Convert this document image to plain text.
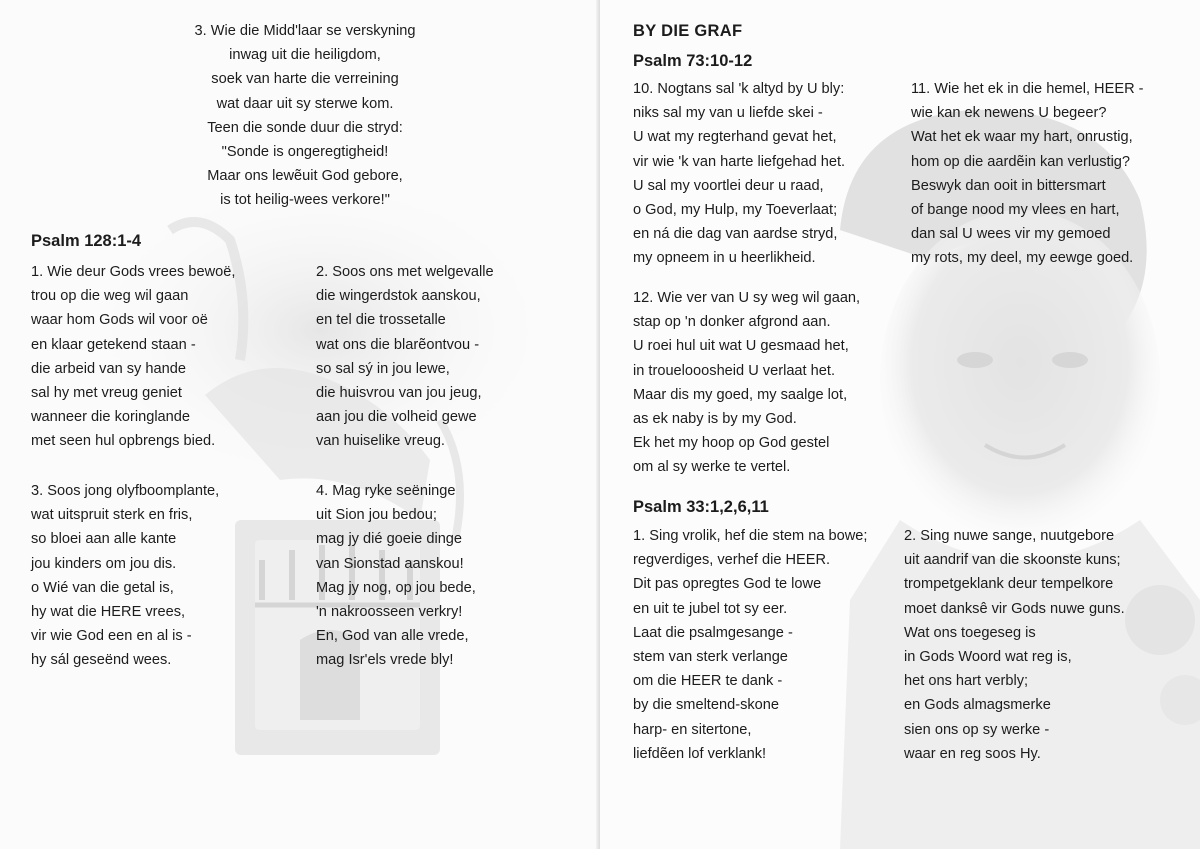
3. Wie die Midd'laar se verskyning
inwag uit die heiligdom,
soek van harte die verreining
wat daar uit sy sterwe kom.
Teen die sonde duur die stryd:
"Sonde is ongeregtigheid!
Maar ons lewẽuit God gebore,
is tot heilig-wees verkore!"
Psalm 128:1-4
1. Wie deur Gods vrees bewoë,
trou op die weg wil gaan
waar hom Gods wil voor oë
en klaar getekend staan -
die arbeid van sy hande
sal hy met vreug geniet
wanneer die koringlande
met seen hul opbrengs bied.
2. Soos ons met welgevalle
die wingerdstok aanskou,
en tel die trossetalle
wat ons die blarẽontvou -
so sal sý in jou lewe,
die huisvrou van jou jeug,
aan jou die volheid gewe
van huiselike vreug.
3. Soos jong olyfboomplante,
wat uitspruit sterk en fris,
so bloei aan alle kante
jou kinders om jou dis.
o Wié van die getal is,
hy wat die HERE vrees,
vir wie God een en al is -
hy sál geseënd wees.
4. Mag ryke seëninge
uit Sion jou bedou;
mag jy dié goeie dinge
van Sionstad aanskou!
Mag jy nog, op jou bede,
'n nakroosseen verkry!
En, God van alle vrede,
mag Isr'els vrede bly!
BY DIE GRAF
Psalm 73:10-12
10. Nogtans sal 'k altyd by U bly:
niks sal my van u liefde skei -
U wat my regterhand gevat het,
vir wie 'k van harte liefgehad het.
U sal my voortlei deur u raad,
o God, my Hulp, my Toeverlaat;
en ná die dag van aardse stryd,
my opneem in u heerlikheid.
11. Wie het ek in die hemel, HEER -
wie kan ek newens U begeer?
Wat het ek waar my hart, onrustig,
hom op die aardẽin kan verlustig?
Beswyk dan ooit in bittersmart
of bange nood my vlees en hart,
dan sal U wees vir my gemoed
my rots, my deel, my eewge goed.
12. Wie ver van U sy weg wil gaan,
stap op 'n donker afgrond aan.
U roei hul uit wat U gesmaad het,
in trouelooosheid U verlaat het.
Maar dis my goed, my saalge lot,
as ek naby is by my God.
Ek het my hoop op God gestel
om al sy werke te vertel.
Psalm 33:1,2,6,11
1. Sing vrolik, hef die stem na bowe;
regverdiges, verhef die HEER.
Dit pas opregtes God te lowe
en uit te jubel tot sy eer.
Laat die psalmgesange -
stem van sterk verlange
om die HEER te dank -
by die smeltend-skone
harp- en sitertone,
liefdẽen lof verklank!
2. Sing nuwe sange, nuutgebore
uit aandrif van die skoonste kuns;
trompetgeklank deur tempelkore
moet danksê vir Gods nuwe guns.
Wat ons toegeseg is
in Gods Woord wat reg is,
het ons hart verbly;
en Gods almagsmerke
sien ons op sy werke -
waar en reg soos Hy.
